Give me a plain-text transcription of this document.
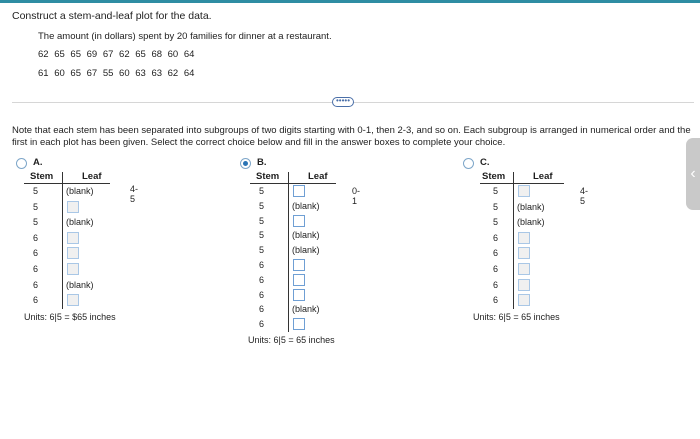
Construct a stem-and-leaf plot for the data.
The amount (in dollars) spent by 20 families for dinner at a restaurant.
62 65 65 69 67 62 65 68 60 64
61 60 65 67 55 60 63 63 62 64
•••••
Note that each stem has been separated into subgroups of two digits starting with 0-1, then 2-3, and so on. Each subgroup is arranged in numerical order and the first in each plot has been given. Select the correct choice below and fill in the answer boxes to complete your choice.
A.
Stem	Leaf
5	(blank)
5
5	(blank)
6
6
6
6	(blank)
6
4-5
Units: 6|5 = $65 inches
B.
Stem	Leaf
5
5	(blank)
5
5	(blank)
5	(blank)
6
6
6
6	(blank)
6
0-1
Units: 6|5 = 65 inches
C.
Stem	Leaf
5
5 (blank)
5 (blank)
6
6
6
6
6
4-5
Units: 6|5 = 65 inches
‹
